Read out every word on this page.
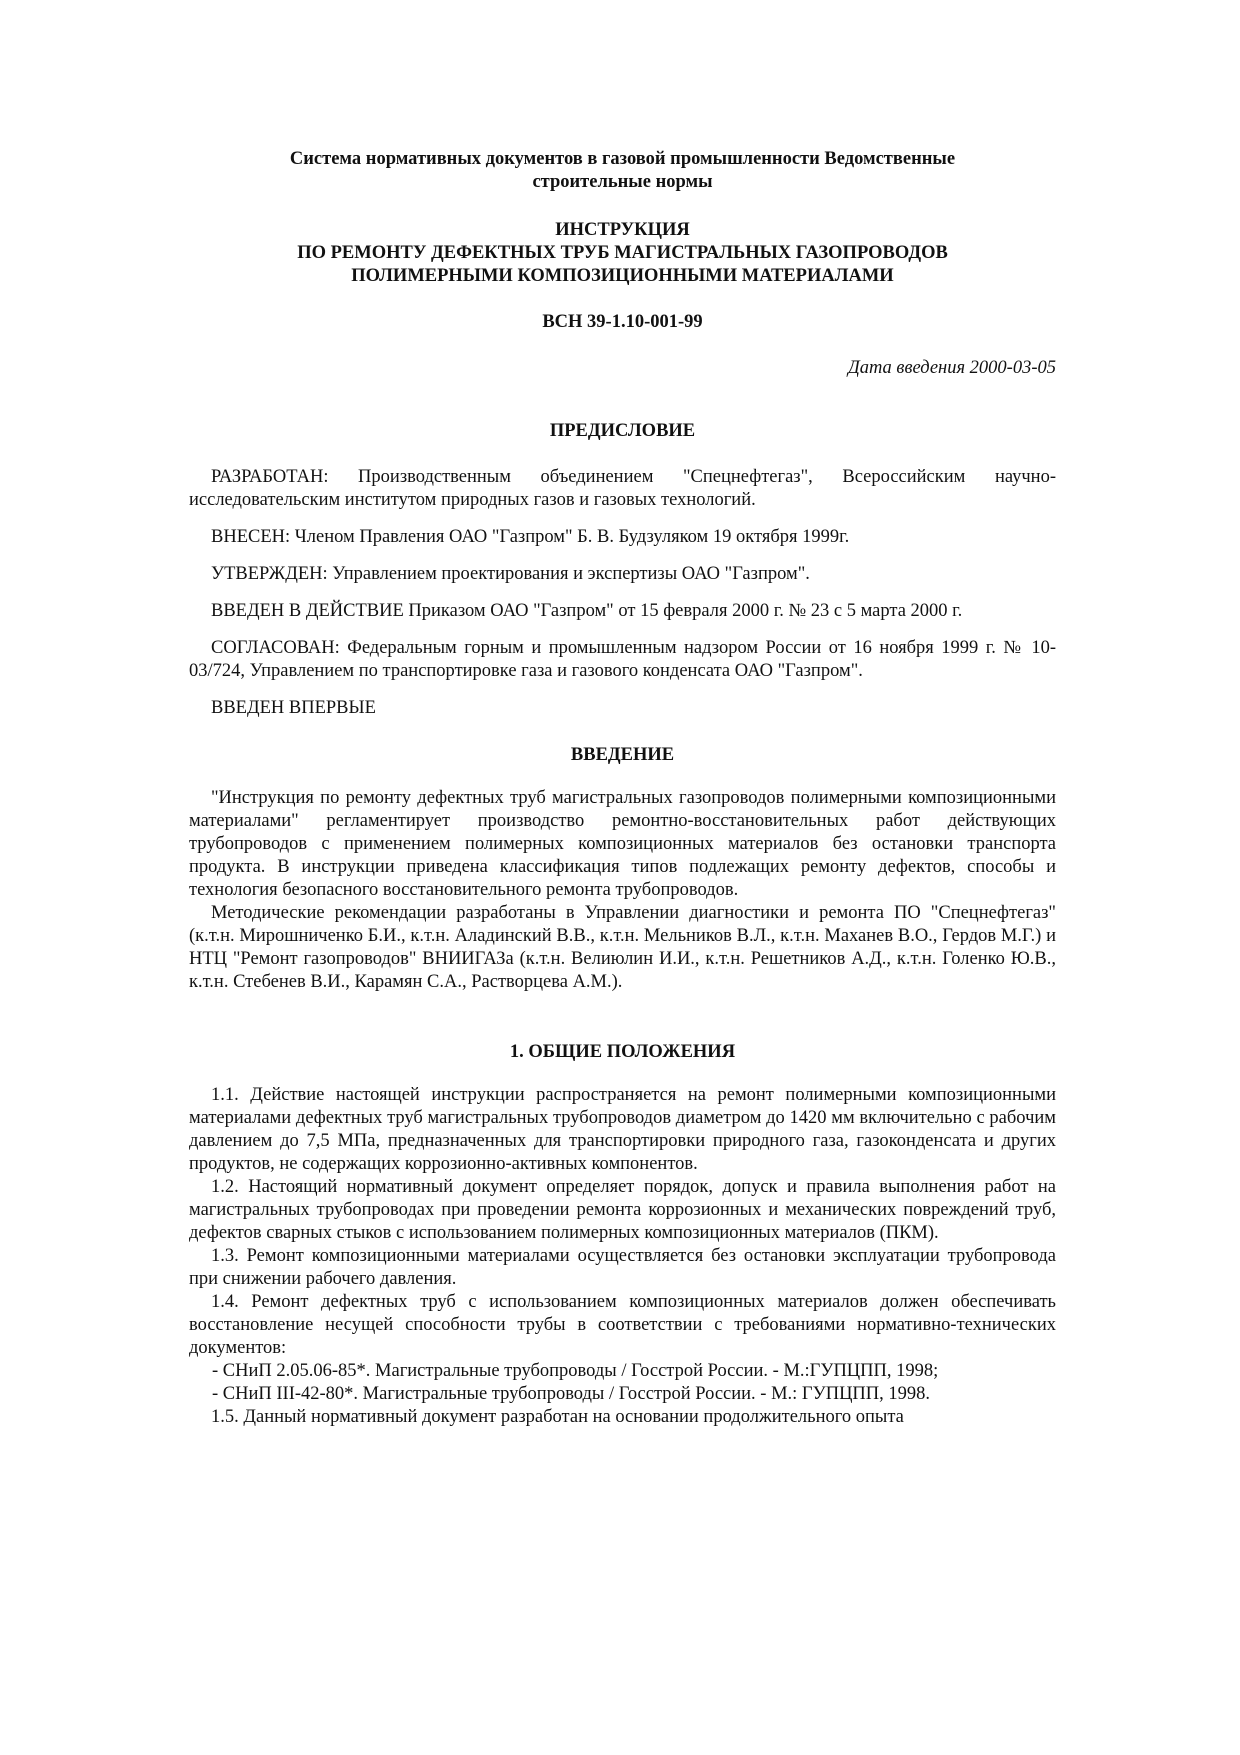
Система нормативных документов в газовой промышленности Ведомственные строительные нормы
ИНСТРУКЦИЯ
ПО РЕМОНТУ ДЕФЕКТНЫХ ТРУБ МАГИСТРАЛЬНЫХ ГАЗОПРОВОДОВ
ПОЛИМЕРНЫМИ КОМПОЗИЦИОННЫМИ МАТЕРИАЛАМИ
ВСН 39-1.10-001-99
Дата введения 2000-03-05
ПРЕДИСЛОВИЕ

РАЗРАБОТАН: Производственным объединением "Спецнефтегаз", Всероссийским научно-исследовательским институтом природных газов и газовых технологий.

ВНЕСЕН: Членом Правления ОАО "Газпром" Б. В. Будзуляком 19 октября 1999г.

УТВЕРЖДЕН: Управлением проектирования и экспертизы ОАО "Газпром".

ВВЕДЕН В ДЕЙСТВИЕ Приказом ОАО "Газпром" от 15 февраля 2000 г. № 23 с 5 марта 2000 г.

СОГЛАСОВАН: Федеральным горным и промышленным надзором России от 16 ноября 1999 г. № 10-03/724, Управлением по транспортировке газа и газового конденсата ОАО "Газпром".

ВВЕДЕН ВПЕРВЫЕ

ВВЕДЕНИЕ

"Инструкция по ремонту дефектных труб магистральных газопроводов полимерными композиционными материалами" регламентирует производство ремонтно-восстановительных работ действующих трубопроводов с применением полимерных композиционных материалов без остановки транспорта продукта. В инструкции приведена классификация типов подлежащих ремонту дефектов, способы и технология безопасного восстановительного ремонта трубопроводов.

Методические рекомендации разработаны в Управлении диагностики и ремонта ПО "Спецнефтегаз" (к.т.н. Мирошниченко Б.И., к.т.н. Аладинский В.В., к.т.н. Мельников В.Л., к.т.н. Маханев В.О., Гердов М.Г.) и НТЦ "Ремонт газопроводов" ВНИИГАЗа (к.т.н. Велиюлин И.И., к.т.н. Решетников А.Д., к.т.н. Голенко Ю.В., к.т.н. Стебенев В.И., Карамян С.А., Растворцева А.М.).

1. ОБЩИЕ ПОЛОЖЕНИЯ

1.1. Действие настоящей инструкции распространяется на ремонт полимерными композиционными материалами дефектных труб магистральных трубопроводов диаметром до 1420 мм включительно с рабочим давлением до 7,5 МПа, предназначенных для транспортировки природного газа, газоконденсата и других продуктов, не содержащих коррозионно-активных компонентов.

1.2. Настоящий нормативный документ определяет порядок, допуск и правила выполнения работ на магистральных трубопроводах при проведении ремонта коррозионных и механических повреждений труб, дефектов сварных стыков с использованием полимерных композиционных материалов (ПКМ).

1.3. Ремонт композиционными материалами осуществляется без остановки эксплуатации трубопровода при снижении рабочего давления.

1.4. Ремонт дефектных труб с использованием композиционных материалов должен обеспечивать восстановление несущей способности трубы в соответствии с требованиями нормативно-технических документов:

- СНиП 2.05.06-85*. Магистральные трубопроводы / Госстрой России. - М.:ГУПЦПП, 1998;

- СНиП III-42-80*. Магистральные трубопроводы / Госстрой России. - М.: ГУПЦПП, 1998.

1.5. Данный нормативный документ разработан на основании продолжительного опыта
